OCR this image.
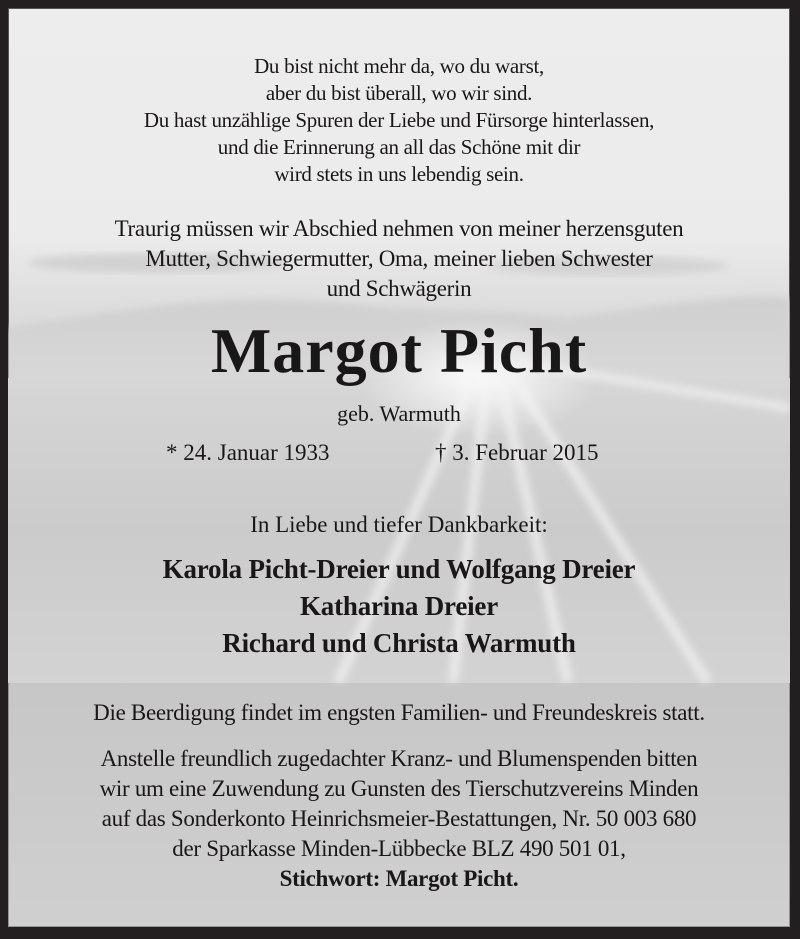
Du bist nicht mehr da, wo du warst,
aber du bist überall, wo wir sind.
Du hast unzählige Spuren der Liebe und Fürsorge hinterlassen,
und die Erinnerung an all das Schöne mit dir
wird stets in uns lebendig sein.
Traurig müssen wir Abschied nehmen von meiner herzensguten
Mutter, Schwiegermutter, Oma, meiner lieben Schwester
und Schwägerin
Margot Picht
geb. Warmuth
* 24. Januar 1933	† 3. Februar 2015
In Liebe und tiefer Dankbarkeit:
Karola Picht-Dreier und Wolfgang Dreier
Katharina Dreier
Richard und Christa Warmuth
Die Beerdigung findet im engsten Familien- und Freundeskreis statt.
Anstelle freundlich zugedachter Kranz- und Blumenspenden bitten
wir um eine Zuwendung zu Gunsten des Tierschutzvereins Minden
auf das Sonderkonto Heinrichsmeier-Bestattungen, Nr. 50 003 680
der Sparkasse Minden-Lübbecke BLZ 490 501 01,
Stichwort: Margot Picht.
